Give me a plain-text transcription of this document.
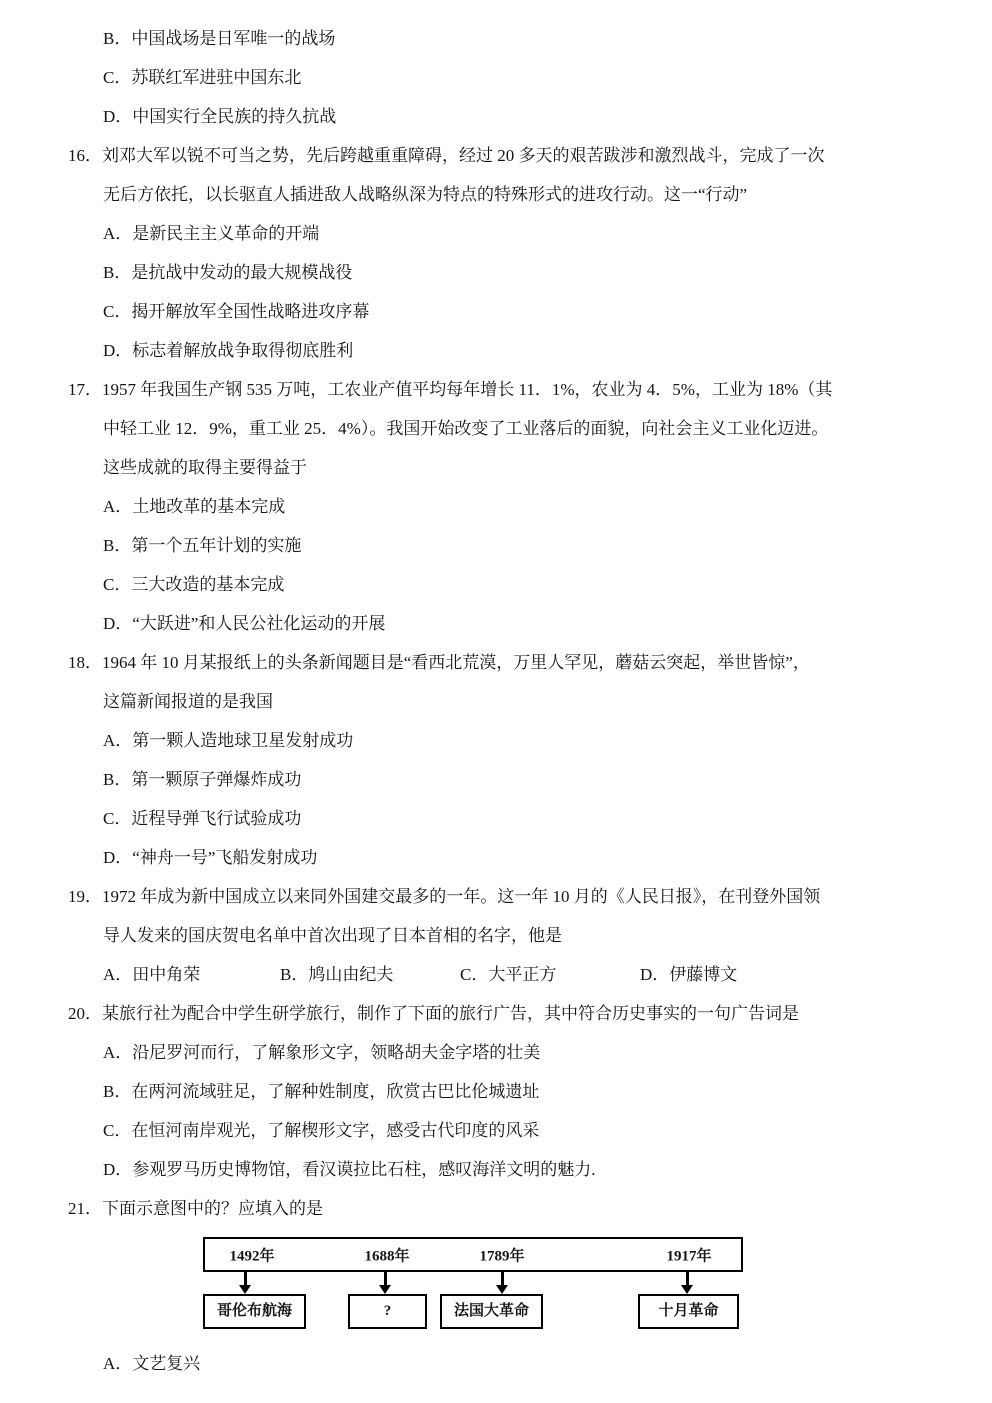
B．中国战场是日军唯一的战场

C．苏联红军进驻中国东北

D．中国实行全民族的持久抗战

16．刘邓大军以锐不可当之势，先后跨越重重障碍，经过 20 多天的艰苦跋涉和激烈战斗，完成了一次

无后方依托，以长驱直人插进敌人战略纵深为特点的特殊形式的进攻行动。这一“行动”

A．是新民主主义革命的开端

B．是抗战中发动的最大规模战役

C．揭开解放军全国性战略进攻序幕

D．标志着解放战争取得彻底胜利

17．1957 年我国生产钢 535 万吨，工农业产值平均每年增长 11．1%，农业为 4．5%，工业为 18%（其

中轻工业 12．9%，重工业 25．4%）。我国开始改变了工业落后的面貌，向社会主义工业化迈进。

这些成就的取得主要得益于

A．土地改革的基本完成

B．第一个五年计划的实施

C．三大改造的基本完成

D．“大跃进”和人民公社化运动的开展

18．1964 年 10 月某报纸上的头条新闻题目是“看西北荒漠，万里人罕见，蘑菇云突起，举世皆惊”，

这篇新闻报道的是我国

A．第一颗人造地球卫星发射成功

B．第一颗原子弹爆炸成功

C．近程导弹飞行试验成功

D．“神舟一号”飞船发射成功

19．1972 年成为新中国成立以来同外国建交最多的一年。这一年 10 月的《人民日报》，在刊登外国领

导人发来的国庆贺电名单中首次出现了日本首相的名字，他是

A．田中角荣	B．鸠山由纪夫	C．大平正方	D．伊藤博文

20．某旅行社为配合中学生研学旅行，制作了下面的旅行广告，其中符合历史事实的一句广告词是

A．沿尼罗河而行，了解象形文字，领略胡夫金字塔的壮美

B．在两河流域驻足，了解种姓制度，欣赏古巴比伦城遗址

C．在恒河南岸观光，了解楔形文字，感受古代印度的风采

D．参观罗马历史博物馆，看汉谟拉比石柱，感叹海洋文明的魅力.

21．下面示意图中的？应填入的是

1492年	1688年	1789年	1917年
哥伦布航海	?	法国大革命	十月革命

A．文艺复兴
